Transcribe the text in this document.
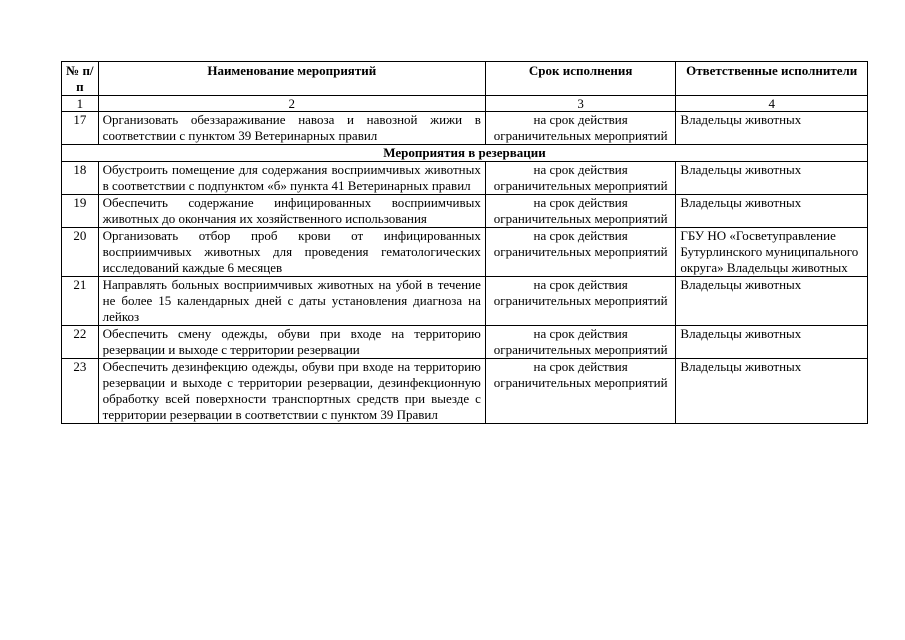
№ п/п	Наименование мероприятий	Срок исполнения	Ответственные исполнители
1	2	3	4
17	Организовать обеззараживание навоза и навозной жижи в соответствии с пунктом 39 Ветеринарных правил	на срок действия ограничительных мероприятий	Владельцы животных
Мероприятия в резервации			
18	Обустроить помещение для содержания восприимчивых животных в соответствии с подпунктом «б» пункта 41 Ветеринарных правил	на срок действия ограничительных мероприятий	Владельцы животных
19	Обеспечить содержание инфицированных восприимчивых животных до окончания их хозяйственного использования	на срок действия ограничительных мероприятий	Владельцы животных
20	Организовать отбор проб крови от инфицированных восприимчивых животных для проведения гематологических исследований каждые 6 месяцев	на срок действия ограничительных мероприятий	ГБУ НО «Госветуправление Бутурлинского муниципального округа» Владельцы животных
21	Направлять больных восприимчивых животных на убой в течение не более 15 календарных дней с даты установления диагноза на лейкоз	на срок действия ограничительных мероприятий	Владельцы животных
22	Обеспечить смену одежды, обуви при входе на территорию резервации и выходе с территории резервации	на срок действия ограничительных мероприятий	Владельцы животных
23	Обеспечить дезинфекцию одежды, обуви при входе на территорию резервации и выходе с территории резервации, дезинфекционную обработку всей поверхности транспортных средств при выезде с территории резервации в соответствии с пунктом 39 Правил	на срок действия ограничительных мероприятий	Владельцы животных
